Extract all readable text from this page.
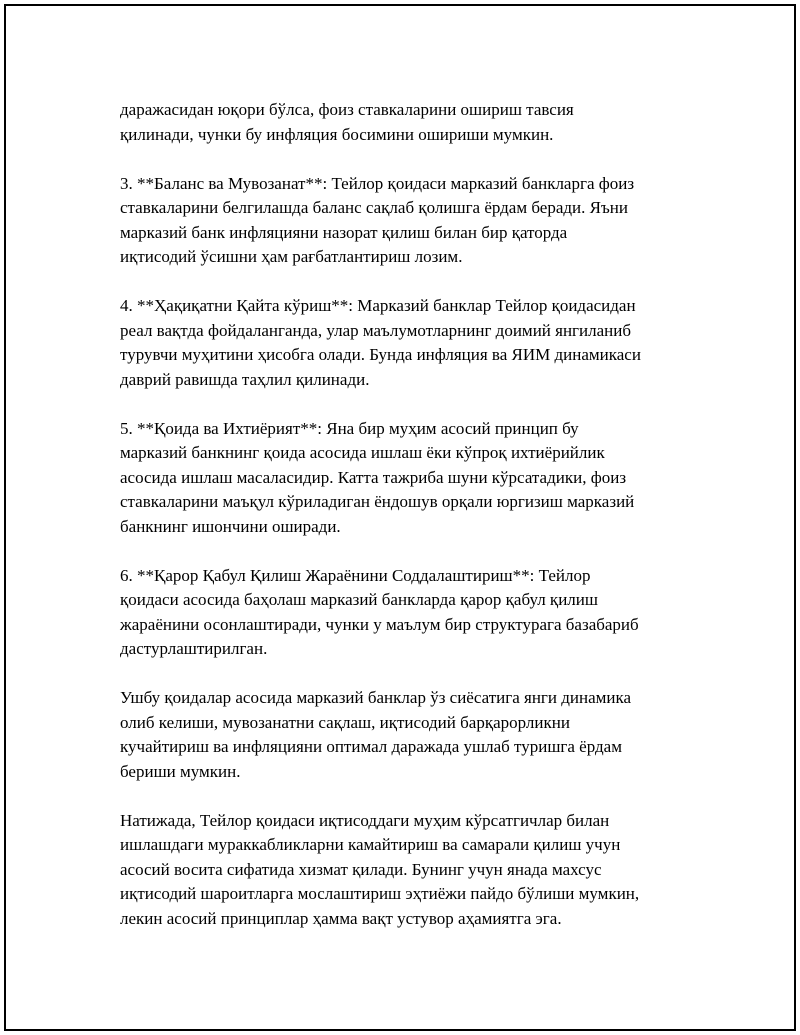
даражасидан юқори бўлса, фоиз ставкаларини ошириш тавсия
қилинади, чунки бу инфляция босимини ошириши мумкин.

3. **Баланс ва Мувозанат**: Тейлор қоидаси марказий банкларга фоиз
ставкаларини белгилашда баланс сақлаб қолишга ёрдам беради. Яъни
марказий банк инфляцияни назорат қилиш билан бир қаторда
иқтисодий ўсишни ҳам рағбатлантириш лозим.

4. **Ҳақиқатни Қайта кўриш**: Марказий банклар Тейлор қоидасидан
реал вақтда фойдаланганда, улар маълумотларнинг доимий янгиланиб
турувчи муҳитини ҳисобга олади. Бунда инфляция ва ЯИМ динамикаси
даврий равишда таҳлил қилинади.

5. **Қоида ва Ихтиёрият**: Яна бир муҳим асосий принцип бу
марказий банкнинг қоида асосида ишлаш ёки кўпроқ ихтиёрийлик
асосида ишлаш масаласидир. Катта тажриба шуни кўрсатадики, фоиз
ставкаларини маъқул кўриладиган ёндошув орқали юргизиш марказий
банкнинг ишончини оширади.

6. **Қарор Қабул Қилиш Жараёнини Соддалаштириш**: Тейлор
қоидаси асосида баҳолаш марказий банкларда қарор қабул қилиш
жараёнини осонлаштиради, чунки у маълум бир структурага базабариб
дастурлаштирилган.

Ушбу қоидалар асосида марказий банклар ўз сиёсатига янги динамика
олиб келиши, мувозанатни сақлаш, иқтисодий барқарорликни
кучайтириш ва инфляцияни оптимал даражада ушлаб туришга ёрдам
бериши мумкин.

Натижада, Тейлор қоидаси иқтисоддаги муҳим кўрсатгичлар билан
ишлашдаги мураккабликларни камайтириш ва самарали қилиш учун
асосий восита сифатида хизмат қилади. Бунинг учун янада махсус
иқтисодий шароитларга мослаштириш эҳтиёжи пайдо бўлиши мумкин,
лекин асосий принциплар ҳамма вақт устувор аҳамиятга эга.
